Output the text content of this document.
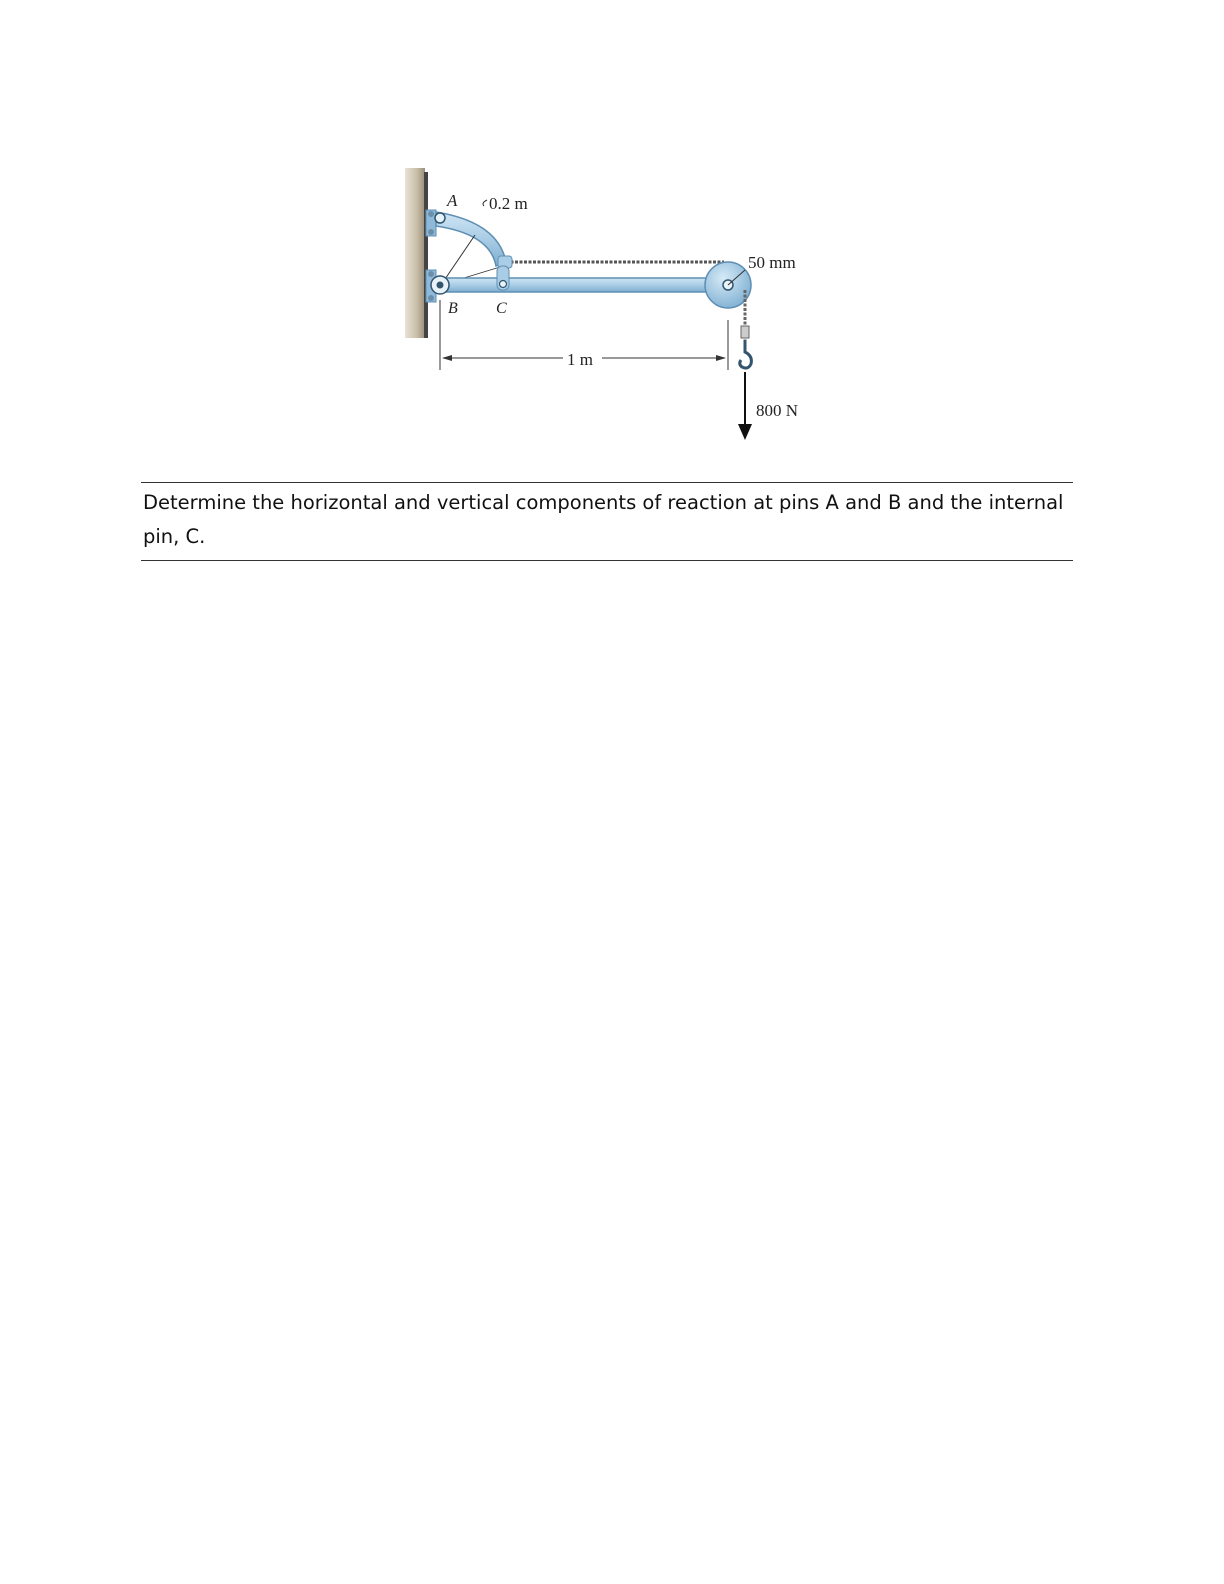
A 0.2 m
B C
1 m
50 mm
800 N
Determine the horizontal and vertical components of reaction at pins A and B and the internal pin, C.
